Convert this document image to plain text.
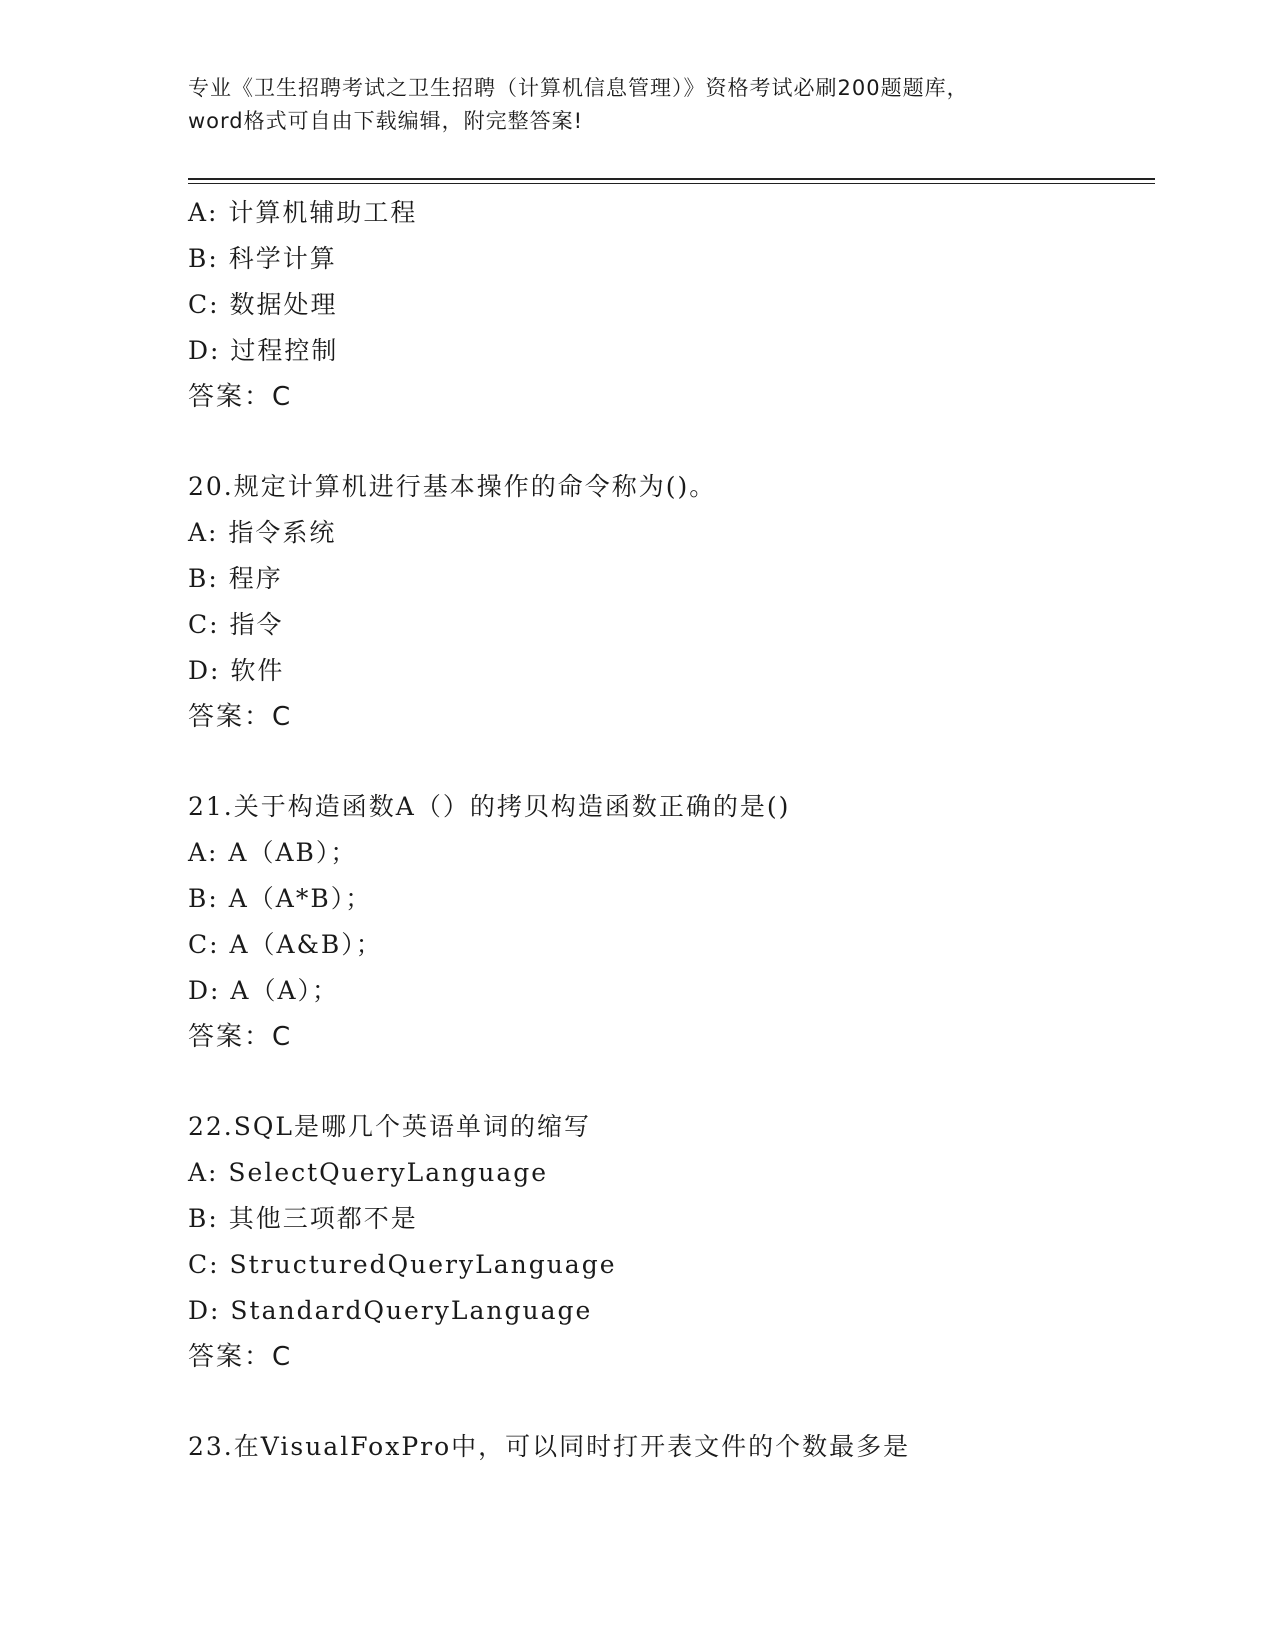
专业《卫生招聘考试之卫生招聘（计算机信息管理）》资格考试必刷200题题库，
word格式可自由下载编辑，附完整答案!
A: 计算机辅助工程
B: 科学计算
C: 数据处理
D: 过程控制
答案：C
20.规定计算机进行基本操作的命令称为()。
A: 指令系统
B: 程序
C: 指令
D: 软件
答案：C
21.关于构造函数A（）的拷贝构造函数正确的是()
A: A（AB）；
B: A（A*B）；
C: A（A&B）；
D: A（A）；
答案：C
22.SQL是哪几个英语单词的缩写
A: SelectQueryLanguage
B: 其他三项都不是
C: StructuredQueryLanguage
D: StandardQueryLanguage
答案：C
23.在VisualFoxPro中，可以同时打开表文件的个数最多是
